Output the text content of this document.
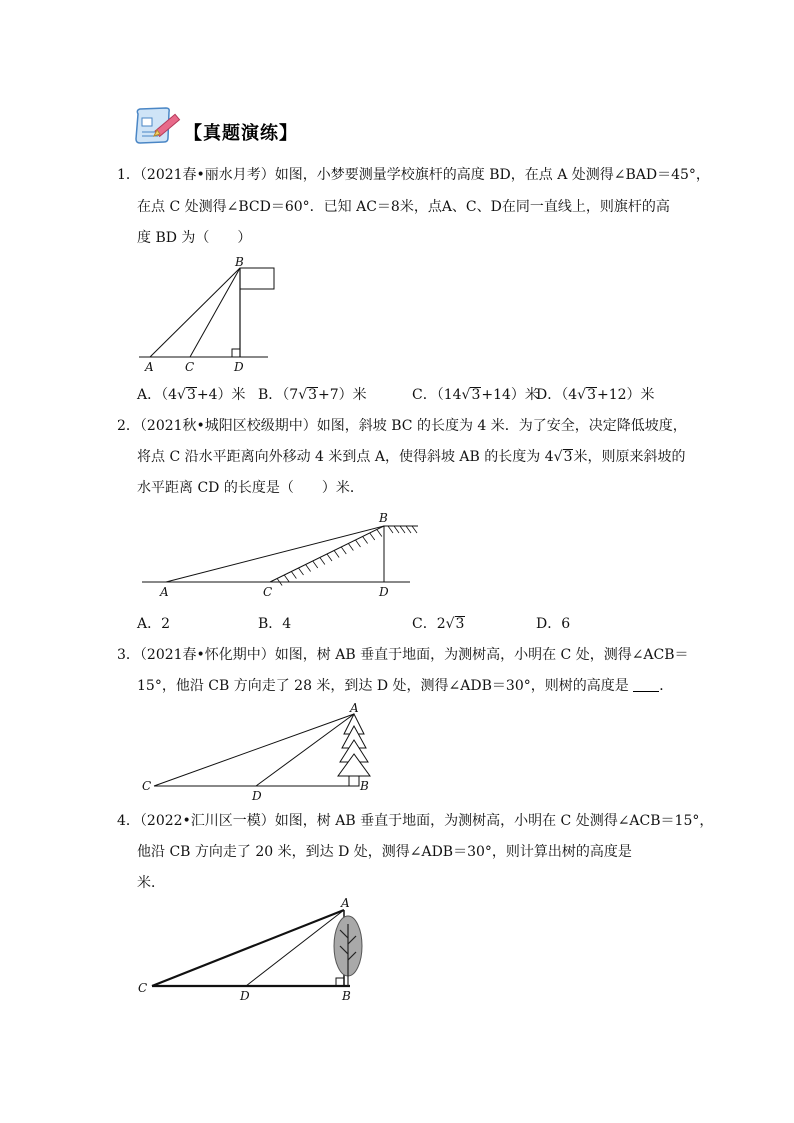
【真题演练】
1．（2021春•丽水月考）如图，小梦要测量学校旗杆的高度 BD，在点 A 处测得∠BAD＝45°，
在点 C 处测得∠BCD＝60°．已知 AC＝8米，点A、C、D在同一直线上，则旗杆的高
度 BD 为（　　）
A
B
C	D
A．（4√3+4）米 B．（7√3+7）米	C．（14√3+14）米
D．（4√3+12）米
2．（2021秋•城阳区校级期中）如图，斜坡 BC 的长度为 4 米．为了安全，决定降低坡度，
将点 C 沿水平距离向外移动 4 米到点 A，使得斜坡 AB 的长度为 4√3米，则原来斜坡的
水平距离 CD 的长度是（　　）米．
A
B
C	D
A．2	B．4	C．2√3	D．6
3．（2021春•怀化期中）如图，树 AB 垂直于地面，为测树高，小明在 C 处，测得∠ACB＝
15°，他沿 CB 方向走了 28 米，到达 D 处，测得∠ADB＝30°，则树的高度是 ．
A
B
C
D
4．（2022•汇川区一模）如图，树 AB 垂直于地面，为测树高，小明在 C 处测得∠ACB＝15°，
他沿 CB 方向走了 20 米，到达 D 处，测得∠ADB＝30°，则计算出树的高度是
米．
A
B
C
D
